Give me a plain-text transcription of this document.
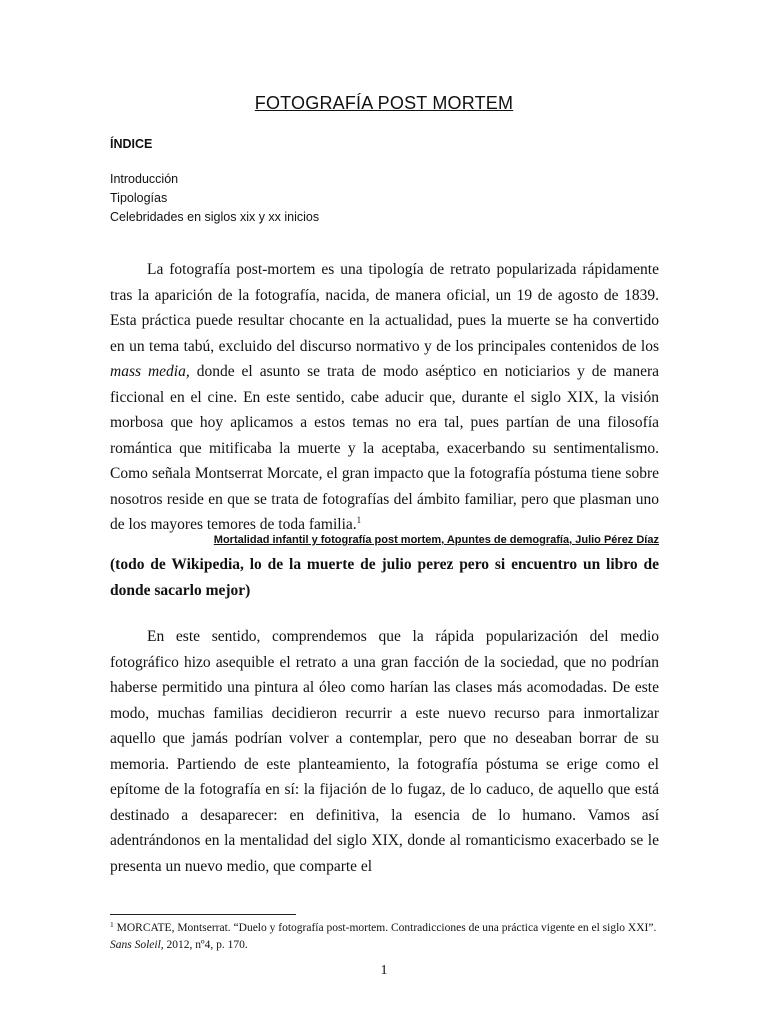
FOTOGRAFÍA POST MORTEM
ÍNDICE
Introducción
Tipologías
Celebridades en siglos xix y xx inicios

La fotografía post-mortem es una tipología de retrato popularizada rápidamente tras la aparición de la fotografía, nacida, de manera oficial, un 19 de agosto de 1839. Esta práctica puede resultar chocante en la actualidad, pues la muerte se ha convertido en un tema tabú, excluido del discurso normativo y de los principales contenidos de los mass media, donde el asunto se trata de modo aséptico en noticiarios y de manera ficcional en el cine. En este sentido, cabe aducir que, durante el siglo XIX, la visión morbosa que hoy aplicamos a estos temas no era tal, pues partían de una filosofía romántica que mitificaba la muerte y la aceptaba, exacerbando su sentimentalismo. Como señala Montserrat Morcate, el gran impacto que la fotografía póstuma tiene sobre nosotros reside en que se trata de fotografías del ámbito familiar, pero que plasman uno de los mayores temores de toda familia.$^1$

Mortalidad infantil y fotografía post mortem, Apuntes de demografía, Julio Pérez Díaz
(todo de Wikipedia, lo de la muerte de julio perez pero si encuentro un libro de donde sacarlo mejor)

En este sentido, comprendemos que la rápida popularización del medio fotográfico hizo asequible el retrato a una gran facción de la sociedad, que no podrían haberse permitido una pintura al óleo como harían las clases más acomodadas. De este modo, muchas familias decidieron recurrir a este nuevo recurso para inmortalizar aquello que jamás podrían volver a contemplar, pero que no deseaban borrar de su memoria. Partiendo de este planteamiento, la fotografía póstuma se erige como el epítome de la fotografía en sí: la fijación de lo fugaz, de lo caduco, de aquello que está destinado a desaparecer: en definitiva, la esencia de lo humano. Vamos así adentrándonos en la mentalidad del siglo XIX, donde al romanticismo exacerbado se le presenta un nuevo medio, que comparte el

$^1$ MORCATE, Montserrat. “Duelo y fotografía post-mortem. Contradicciones de una práctica vigente en el siglo XXI”. Sans Soleil, 2012, nº4, p. 170.
1
